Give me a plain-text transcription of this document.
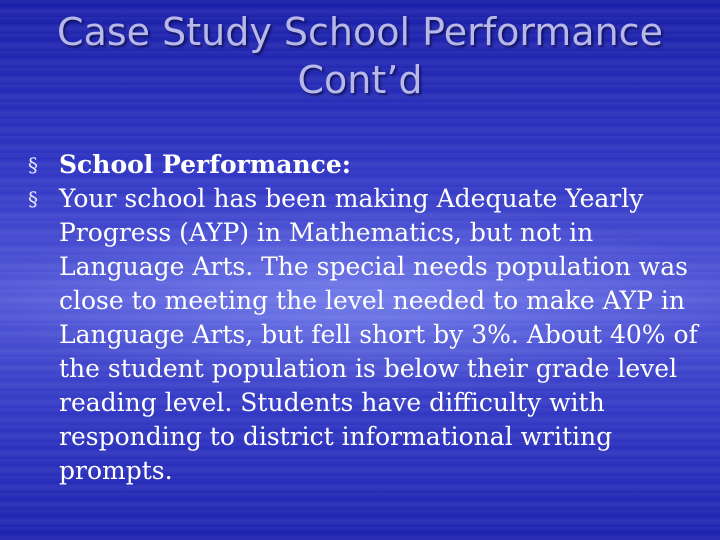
Case Study School Performance
Cont’d
§ School Performance:
§ Your school has been making Adequate Yearly Progress (AYP) in Mathematics, but not in Language Arts. The special needs population was close to meeting the level needed to make AYP in Language Arts, but fell short by 3%. About 40% of the student population is below their grade level reading level. Students have difficulty with responding to district informational writing prompts.
